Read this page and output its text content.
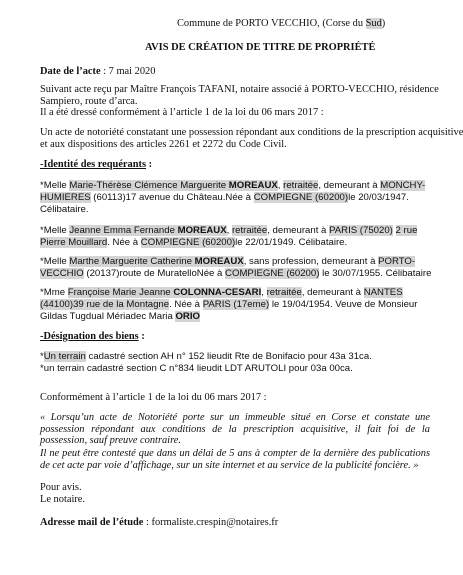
Commune de PORTO VECCHIO, (Corse du Sud)
AVIS DE CRÉATION DE TITRE DE PROPRIÉTÉ
Date de l’acte : 7 mai 2020
Suivant acte reçu par Maître François TAFANI, notaire associé à PORTO-VECCHIO, résidence
Sampiero, route d’arca.
Il a été dressé conformément à l’article 1 de la loi du 06 mars 2017 :
Un acte de notoriété constatant une possession répondant aux conditions de la prescription acquisitive
et aux dispositions des articles 2261 et 2272 du Code Civil.
-Identité des requérants :
*Melle Marie-Thérèse Clémence Marguerite MOREAUX, retraitée, demeurant à MONCHY-
HUMIERES (60113)17 avenue du Château.Née à COMPIEGNE (60200)le 20/03/1947.
Célibataire.
*Melle Jeanne Emma Fernande MOREAUX, retraitée, demeurant à PARIS (75020) 2 rue
Pierre Mouillard. Née à COMPIEGNE (60200)le 22/01/1949. Célibataire.
*Melle Marthe Marguerite Catherine MOREAUX, sans profession, demeurant à PORTO-
VECCHIO (20137)route de MuratelloNée à COMPIEGNE (60200) le 30/07/1955. Célibataire
*Mme Françoise Marie Jeanne COLONNA-CESARI, retraitée, demeurant à NANTES
(44100)39 rue de la Montagne. Née à PARIS (17eme) le 19/04/1954. Veuve de Monsieur
Gildas Tugdual Mériadec Maria ORIO
-Désignation des biens :
*Un terrain cadastré section AH n° 152 lieudit Rte de Bonifacio pour 43a 31ca.
*un terrain cadastré section C n°834 lieudit LDT ARUTOLI pour 03a 00ca.
Conformément à l’article 1 de la loi du 06 mars 2017 :
« Lorsqu’un acte de Notoriété porte sur un immeuble situé en Corse et constate une possession répondant aux conditions de la prescription acquisitive, il fait foi de la possession, sauf preuve contraire.
Il ne peut être contesté que dans un délai de 5 ans à compter de la dernière des publications de cet acte par voie d’affichage, sur un site internet et au service de la publicité foncière. »
Pour avis.
Le notaire.
Adresse mail de l’étude : formaliste.crespin@notaires.fr
